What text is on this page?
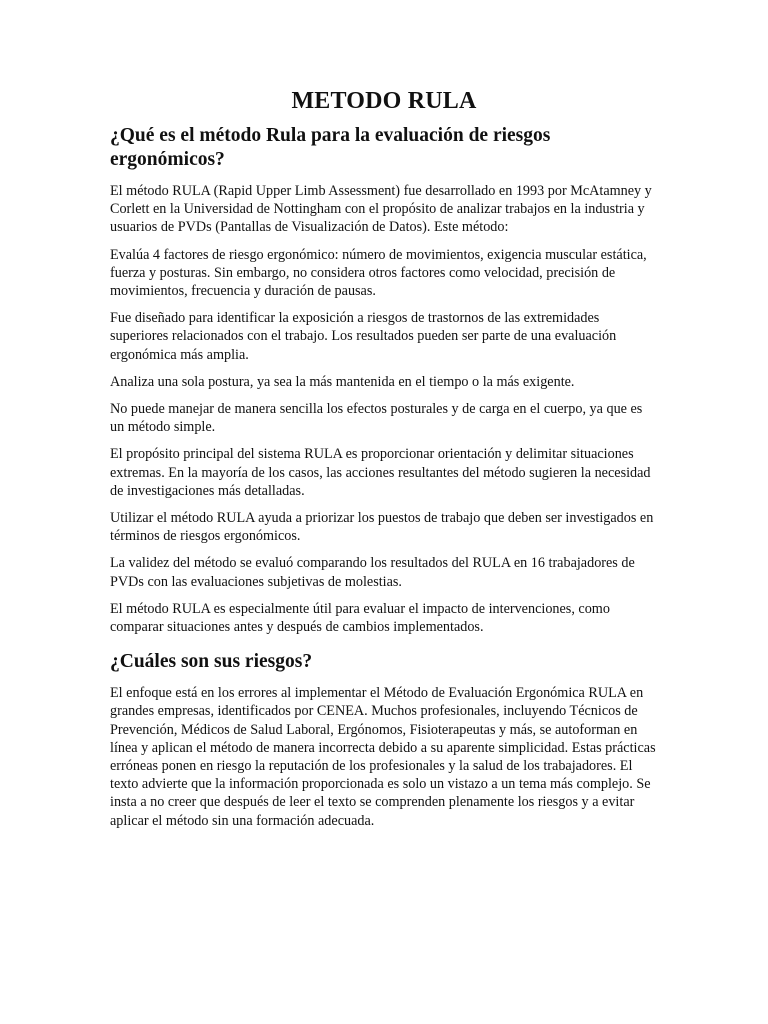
METODO RULA
¿Qué es el método Rula para la evaluación de riesgos ergonómicos?

El método RULA (Rapid Upper Limb Assessment) fue desarrollado en 1993 por McAtamney y Corlett en la Universidad de Nottingham con el propósito de analizar trabajos en la industria y usuarios de PVDs (Pantallas de Visualización de Datos). Este método:

Evalúa 4 factores de riesgo ergonómico: número de movimientos, exigencia muscular estática, fuerza y posturas. Sin embargo, no considera otros factores como velocidad, precisión de movimientos, frecuencia y duración de pausas.

Fue diseñado para identificar la exposición a riesgos de trastornos de las extremidades superiores relacionados con el trabajo. Los resultados pueden ser parte de una evaluación ergonómica más amplia.

Analiza una sola postura, ya sea la más mantenida en el tiempo o la más exigente.

No puede manejar de manera sencilla los efectos posturales y de carga en el cuerpo, ya que es un método simple.

El propósito principal del sistema RULA es proporcionar orientación y delimitar situaciones extremas. En la mayoría de los casos, las acciones resultantes del método sugieren la necesidad de investigaciones más detalladas.

Utilizar el método RULA ayuda a priorizar los puestos de trabajo que deben ser investigados en términos de riesgos ergonómicos.

La validez del método se evaluó comparando los resultados del RULA en 16 trabajadores de PVDs con las evaluaciones subjetivas de molestias.

El método RULA es especialmente útil para evaluar el impacto de intervenciones, como comparar situaciones antes y después de cambios implementados.

¿Cuáles son sus riesgos?

El enfoque está en los errores al implementar el Método de Evaluación Ergonómica RULA en grandes empresas, identificados por CENEA. Muchos profesionales, incluyendo Técnicos de Prevención, Médicos de Salud Laboral, Ergónomos, Fisioterapeutas y más, se autoforman en línea y aplican el método de manera incorrecta debido a su aparente simplicidad. Estas prácticas erróneas ponen en riesgo la reputación de los profesionales y la salud de los trabajadores. El texto advierte que la información proporcionada es solo un vistazo a un tema más complejo. Se insta a no creer que después de leer el texto se comprenden plenamente los riesgos y a evitar aplicar el método sin una formación adecuada.
